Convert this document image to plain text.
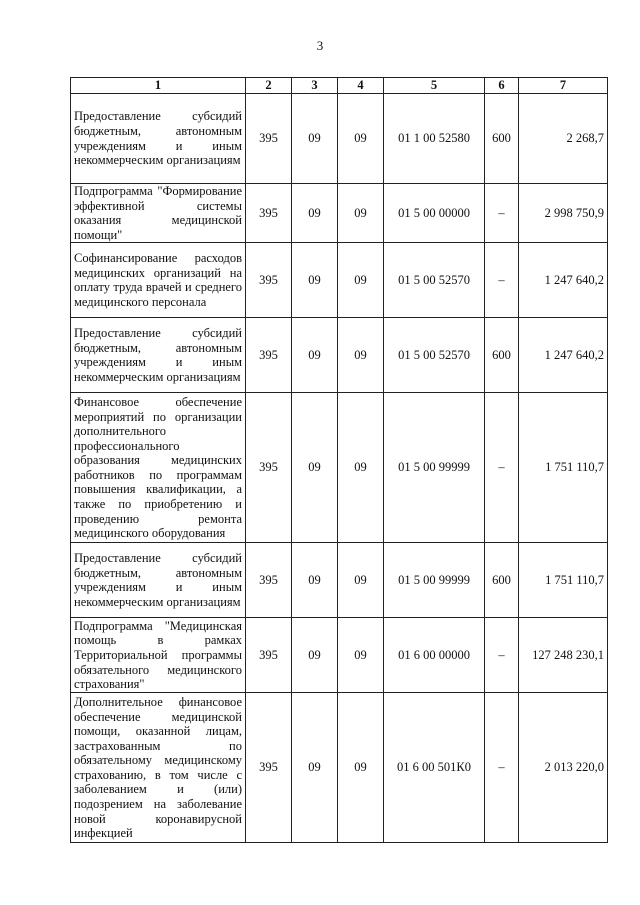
3
1	2	3	4	5	6	7
Предоставление субсидий бюджетным, автономным учреждениям и иным некоммерческим организациям	395	09	09	01 1 00 52580	600	2 268,7
Подпрограмма "Формирование эффективной системы оказания медицинской помощи"	395	09	09	01 5 00 00000	–	2 998 750,9
Софинансирование расходов медицинских организаций на оплату труда врачей и среднего медицинского персонала	395	09	09	01 5 00 52570	–	1 247 640,2
Предоставление субсидий бюджетным, автономным учреждениям и иным некоммерческим организациям	395	09	09	01 5 00 52570	600	1 247 640,2
Финансовое обеспечение мероприятий по организации дополнительного профессионального образования медицинских работников по программам повышения квалификации, а также по приобретению и проведению ремонта медицинского оборудования	395	09	09	01 5 00 99999	–	1 751 110,7
Предоставление субсидий бюджетным, автономным учреждениям и иным некоммерческим организациям	395	09	09	01 5 00 99999	600	1 751 110,7
Подпрограмма "Медицинская помощь в рамках Территориальной программы обязательного медицинского страхования"	395	09	09	01 6 00 00000	–	127 248 230,1
Дополнительное финансовое обеспечение медицинской помощи, оказанной лицам, застрахованным по обязательному медицинскому страхованию, в том числе с заболеванием и (или) подозрением на заболевание новой коронавирусной инфекцией	395	09	09	01 6 00 501К0	–	2 013 220,0
